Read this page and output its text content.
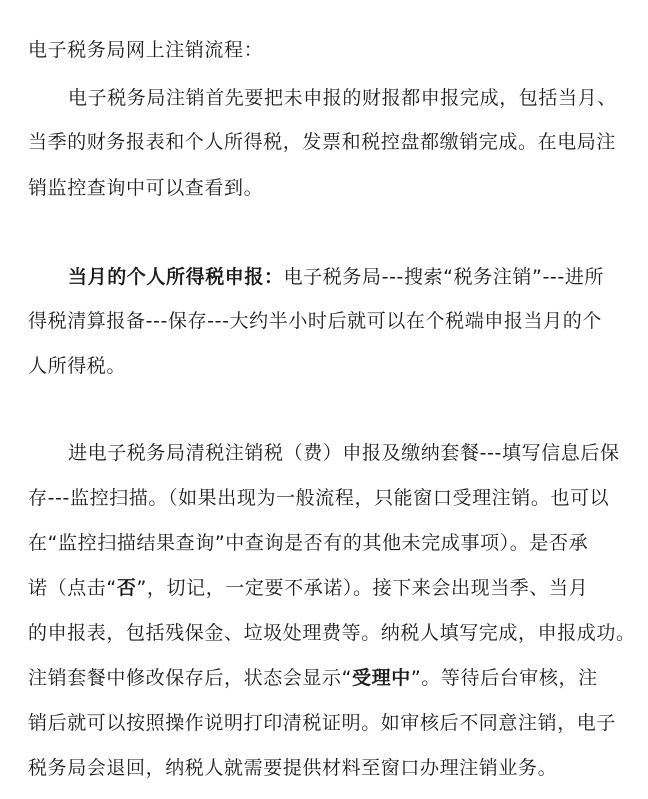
电子税务局网上注销流程：
电子税务局注销首先要把未申报的财报都申报完成，包括当月、
当季的财务报表和个人所得税，发票和税控盘都缴销完成。在电局注
销监控查询中可以查看到。
当月的个人所得税申报：电子税务局---搜索“税务注销”---进所
得税清算报备---保存---大约半小时后就可以在个税端申报当月的个
人所得税。
进电子税务局清税注销税（费）申报及缴纳套餐---填写信息后保
存---监控扫描。（如果出现为一般流程，只能窗口受理注销。也可以
在“监控扫描结果查询”中查询是否有的其他未完成事项）。是否承
诺（点击“否”，切记，一定要不承诺）。接下来会出现当季、当月
的申报表，包括残保金、垃圾处理费等。纳税人填写完成，申报成功。
注销套餐中修改保存后，状态会显示“受理中”。等待后台审核，注
销后就可以按照操作说明打印清税证明。如审核后不同意注销，电子
税务局会退回，纳税人就需要提供材料至窗口办理注销业务。
